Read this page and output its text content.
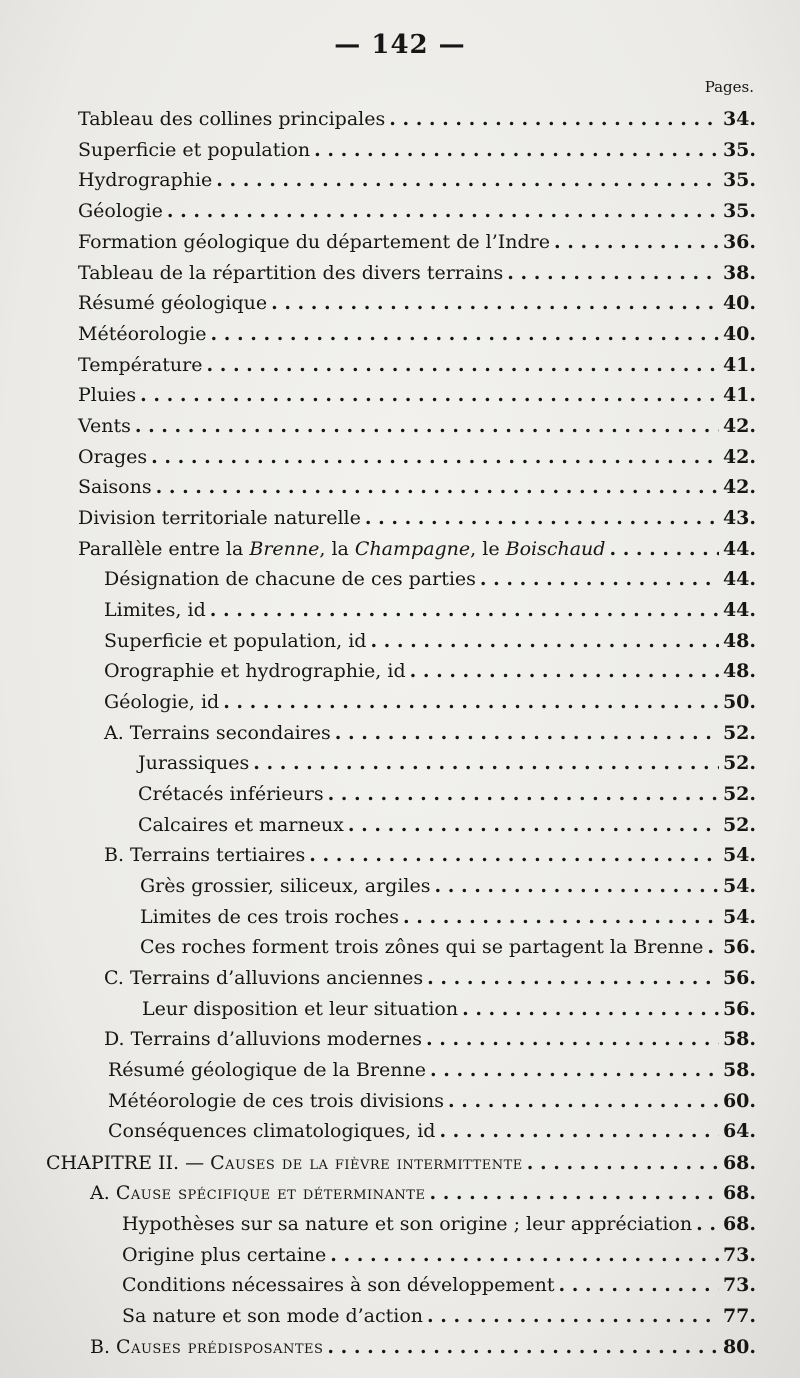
— 142 —
Pages.
Tableau des collines principales . . .	34.
Superficie et population . . .	35.
Hydrographie . . .	35.
Géologie . . .	35.
Formation géologique du département de l’Indre . . .	36.
Tableau de la répartition des divers terrains . . .	38.
Résumé géologique . . .	40.
Météorologie . . .	40.
Température . . .	41.
Pluies . . .	41.
Vents . . .	42.
Orages . . .	42.
Saisons . . .	42.
Division territoriale naturelle . . .	43.
Parallèle entre la Brenne, la Champagne, le Boischaud . . .	44.
Désignation de chacune de ces parties . . .	44.
Limites, id . . .	44.
Superficie et population, id . . .	48.
Orographie et hydrographie, id . . .	48.
Géologie, id . . .	50.
A. Terrains secondaires . . .	52.
Jurassiques . . .	52.
Crétacés inférieurs . . .	52.
Calcaires et marneux . . .	52.
B. Terrains tertiaires . . .	54.
Grès grossier, siliceux, argiles . . .	54.
Limites de ces trois roches . . .	54.
Ces roches forment trois zônes qui se partagent la Brenne . . . 56.
C. Terrains d’alluvions anciennes . . .	56.
Leur disposition et leur situation . . .	56.
D. Terrains d’alluvions modernes . . .	58.
Résumé géologique de la Brenne . . .	58.
Météorologie de ces trois divisions . . .	60.
Conséquences climatologiques, id . . .	64.
CHAPITRE II. — Causes de la fièvre intermittente . . .	68.
A. Cause spécifique et déterminante . . .	68.
Hypothèses sur sa nature et son origine ; leur appréciation . . . 68.
Origine plus certaine . . .	73.
Conditions nécessaires à son développement . . .	73.
Sa nature et son mode d’action . . .	77.
B. Causes prédisposantes . . .	80.
